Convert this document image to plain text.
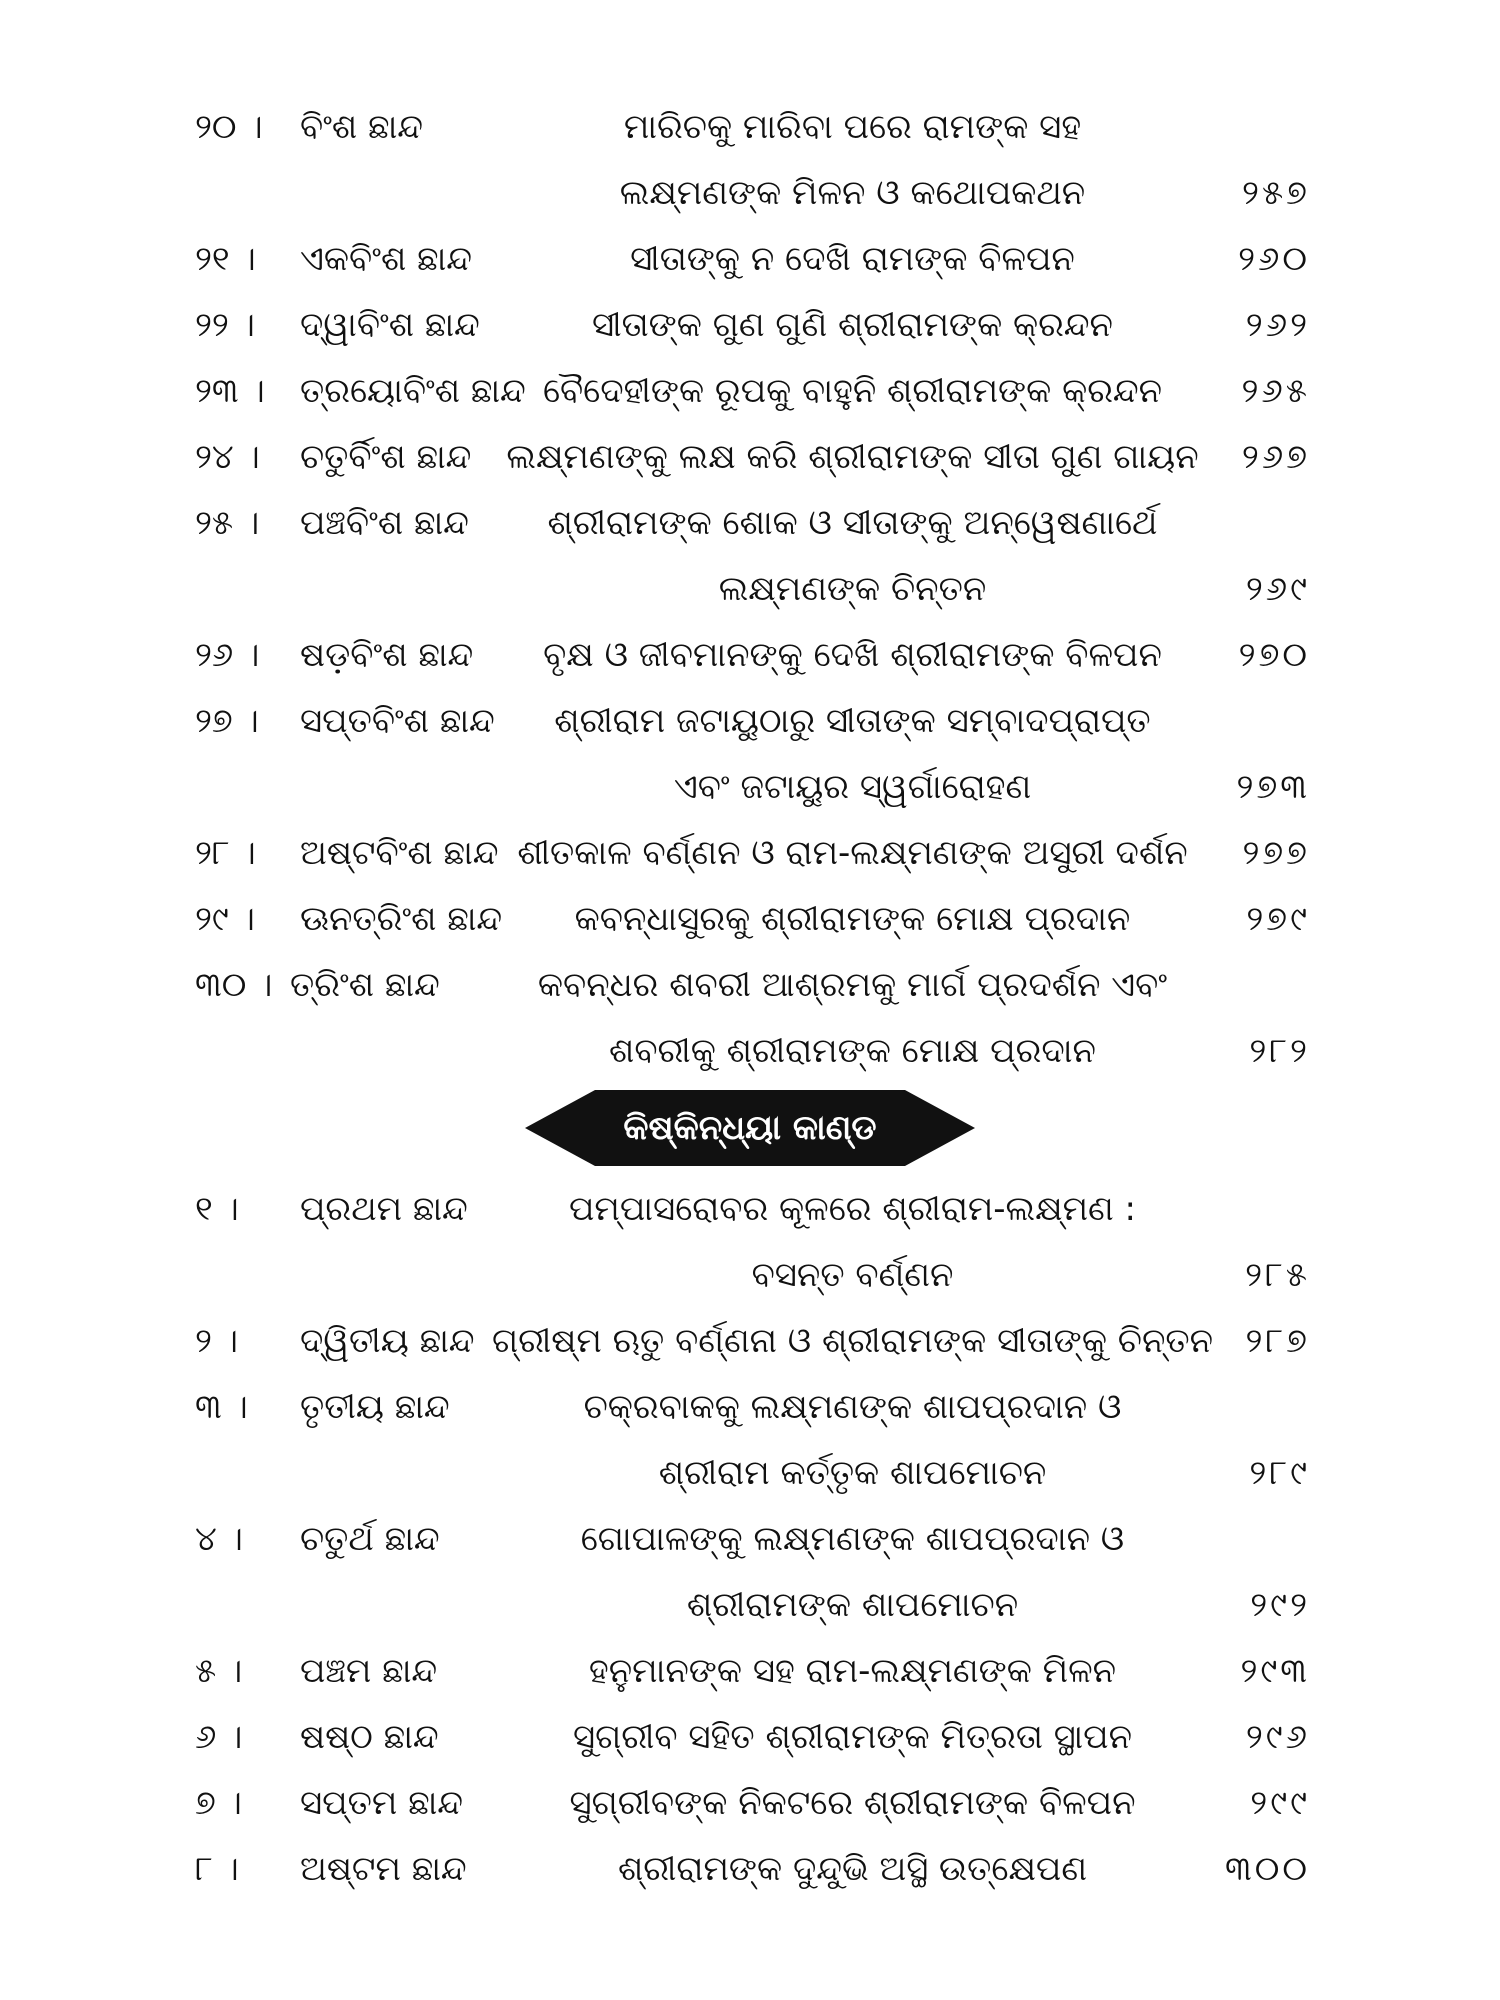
୨୦ ।	ବିଂଶ ଛାନ୍ଦ	ମାରିଚକୁ ମାରିବା ପରେ ରାମଙ୍କ ସହ
ଲକ୍ଷ୍ମଣଙ୍କ ମିଳନ ଓ କଥୋପକଥନ	୨୫୭
୨୧ ।	ଏକବିଂଶ ଛାନ୍ଦ	ସୀତାଙ୍କୁ ନ ଦେଖି ରାମଙ୍କ ବିଳପନ	୨୬୦
୨୨ ।	ଦ୍ୱାବିଂଶ ଛାନ୍ଦ	ସୀତାଙ୍କ ଗୁଣ ଗୁଣି ଶ୍ରୀରାମଙ୍କ କ୍ରନ୍ଦନ	୨୬୨
୨୩ ।	ତ୍ରୟୋବିଂଶ ଛାନ୍ଦ ବୈଦେହୀଙ୍କ ରୂପକୁ ବାହୁନି ଶ୍ରୀରାମଙ୍କ କ୍ରନ୍ଦନ	୨୬୫
୨୪ ।	ଚତୁର୍ବିଂଶ ଛାନ୍ଦ	ଲକ୍ଷ୍ମଣଙ୍କୁ ଲକ୍ଷ କରି ଶ୍ରୀରାମଙ୍କ ସୀତା ଗୁଣ ଗାୟନ	୨୬୭
୨୫ ।	ପଞ୍ଚବିଂଶ ଛାନ୍ଦ	ଶ୍ରୀରାମଙ୍କ ଶୋକ ଓ ସୀତାଙ୍କୁ ଅନ୍ୱେଷଣାର୍ଥେ
ଲକ୍ଷ୍ମଣଙ୍କ ଚିନ୍ତନ	୨୬୯
୨୬ ।	ଷଡ଼ବିଂଶ ଛାନ୍ଦ	ବୃକ୍ଷ ଓ ଜୀବମାନଙ୍କୁ ଦେଖି ଶ୍ରୀରାମଙ୍କ ବିଳପନ	୨୭୦
୨୭ ।	ସପ୍ତବିଂଶ ଛାନ୍ଦ	ଶ୍ରୀରାମ ଜଟାୟୁଠାରୁ ସୀତାଙ୍କ ସମ୍ବାଦପ୍ରାପ୍ତ
ଏବଂ ଜଟାୟୁର ସ୍ୱର୍ଗାରୋହଣ	୨୭୩
୨୮ ।	ଅଷ୍ଟବିଂଶ ଛାନ୍ଦ ଶୀତକାଳ ବର୍ଣ୍ଣନ ଓ ରାମ-ଲକ୍ଷ୍ମଣଙ୍କ ଅସୁରୀ ଦର୍ଶନ	୨୭୭
୨୯ ।	ଊନତ୍ରିଂଶ ଛାନ୍ଦ	କବନ୍ଧାସୁରକୁ ଶ୍ରୀରାମଙ୍କ ମୋକ୍ଷ ପ୍ରଦାନ	୨୭୯
୩୦ । ତ୍ରିଂଶ ଛାନ୍ଦ	କବନ୍ଧର ଶବରୀ ଆଶ୍ରମକୁ ମାର୍ଗ ପ୍ରଦର୍ଶନ ଏବଂ
ଶବରୀକୁ ଶ୍ରୀରାମଙ୍କ ମୋକ୍ଷ ପ୍ରଦାନ	୨୮୨
କିଷ୍କିନ୍ଧ୍ୟା କାଣ୍ଡ
୧ ।	ପ୍ରଥମ ଛାନ୍ଦ	ପମ୍ପାସରୋବର କୂଳରେ ଶ୍ରୀରାମ-ଲକ୍ଷ୍ମଣ :
ବସନ୍ତ ବର୍ଣ୍ଣନ	୨୮୫
୨ ।	ଦ୍ୱିତୀୟ ଛାନ୍ଦ ଗ୍ରୀଷ୍ମ ଋତୁ ବର୍ଣ୍ଣନା ଓ ଶ୍ରୀରାମଙ୍କ ସୀତାଙ୍କୁ ଚିନ୍ତନ ୨୮୭
୩ ।	ତୃତୀୟ ଛାନ୍ଦ	ଚକ୍ରବାକକୁ ଲକ୍ଷ୍ମଣଙ୍କ ଶାପପ୍ରଦାନ ଓ
ଶ୍ରୀରାମ କର୍ତ୍ତୃକ ଶାପମୋଚନ	୨୮୯
୪ ।	ଚତୁର୍ଥ ଛାନ୍ଦ	ଗୋପାଳଙ୍କୁ ଲକ୍ଷ୍ମଣଙ୍କ ଶାପପ୍ରଦାନ ଓ
ଶ୍ରୀରାମଙ୍କ ଶାପମୋଚନ	୨୯୨
୫ ।	ପଞ୍ଚମ ଛାନ୍ଦ	ହନୁମାନଙ୍କ ସହ ରାମ-ଲକ୍ଷ୍ମଣଙ୍କ ମିଳନ	୨୯୩
୬ ।	ଷଷ୍ଠ ଛାନ୍ଦ	ସୁଗ୍ରୀବ ସହିତ ଶ୍ରୀରାମଙ୍କ ମିତ୍ରତା ସ୍ଥାପନ	୨୯୬
୭ ।	ସପ୍ତମ ଛାନ୍ଦ	ସୁଗ୍ରୀବଙ୍କ ନିକଟରେ ଶ୍ରୀରାମଙ୍କ ବିଳପନ	୨୯୯
୮ ।	ଅଷ୍ଟମ ଛାନ୍ଦ	ଶ୍ରୀରାମଙ୍କ ଦୁନ୍ଦୁଭି ଅସ୍ଥି ଉତ୍କ୍ଷେପଣ	୩୦୦
